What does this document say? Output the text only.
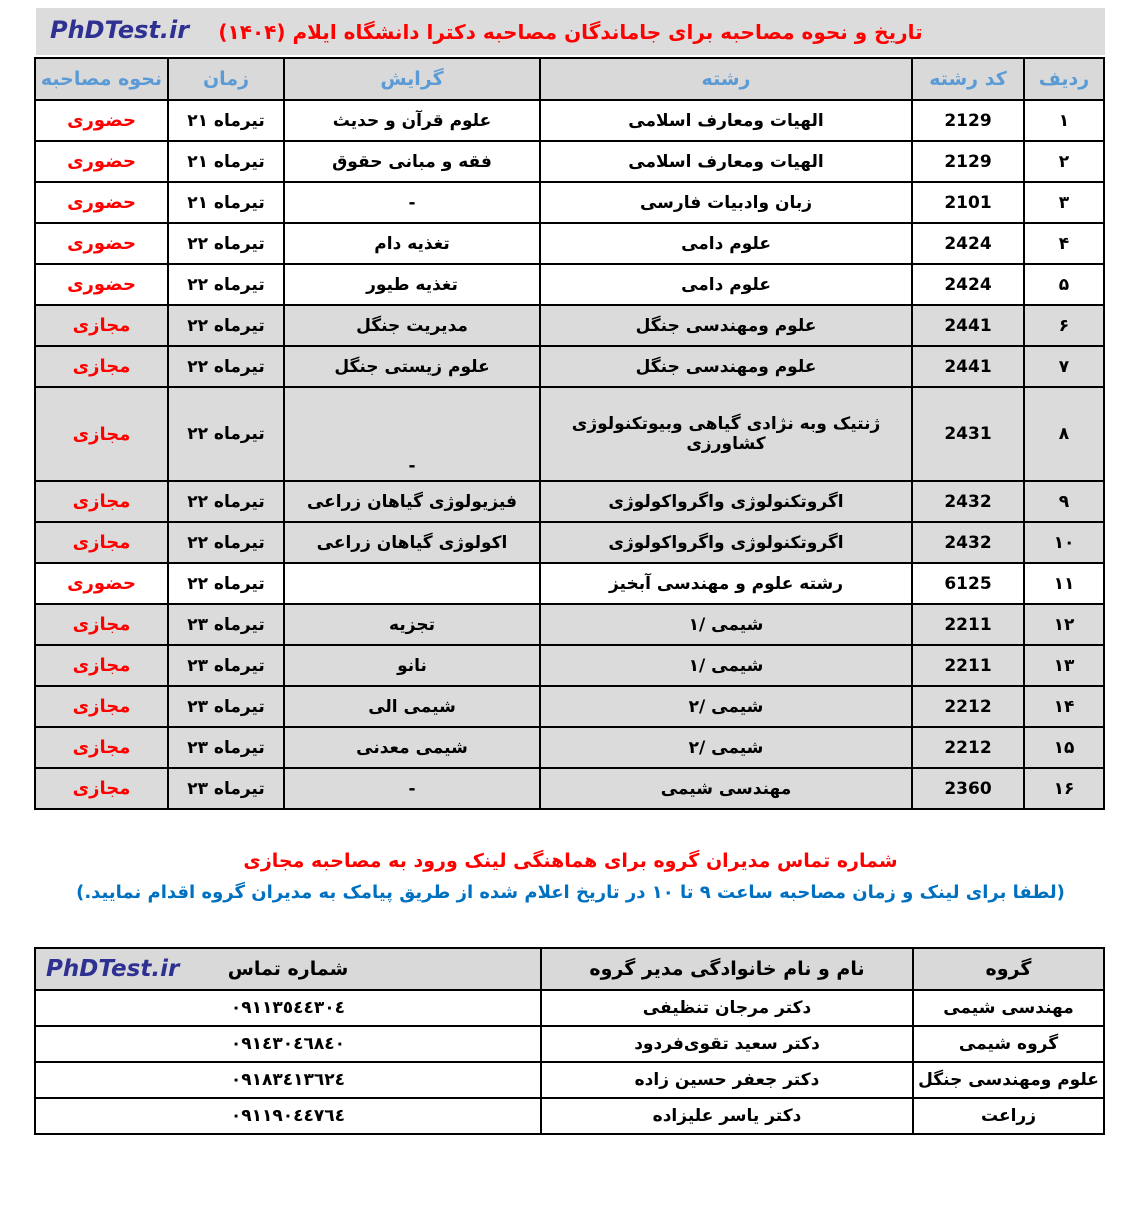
PhDTest.ir تاریخ و نحوه مصاحبه برای جاماندگان مصاحبه دکترا دانشگاه ایلام (۱۴۰۴)
ردیف	کد رشته	رشته	گرایش	زمان	نحوه مصاحبه
۱	2129	الهیات ومعارف اسلامی	علوم قرآن و حدیث	۲۱ تیرماه	حضوری
۲	2129	الهیات ومعارف اسلامی	فقه و مبانی حقوق	۲۱ تیرماه	حضوری
۳	2101	زبان وادبیات فارسی	-	۲۱ تیرماه	حضوری
۴	2424	علوم دامی	تغذیه دام	۲۲ تیرماه	حضوری
۵	2424	علوم دامی	تغذیه طیور	۲۲ تیرماه	حضوری
۶	2441	علوم ومهندسی جنگل	مدیریت جنگل	۲۲ تیرماه	مجازی
۷	2441	علوم ومهندسی جنگل	علوم زیستی جنگل	۲۲ تیرماه	مجازی
۸	2431	ژنتیک وبه نژادی گیاهی وبیوتکنولوژی کشاورزی	-	۲۲ تیرماه	مجازی
۹	2432	اگروتکنولوژی واگرواکولوژی	فیزیولوژی گیاهان زراعی	۲۲ تیرماه	مجازی
۱۰	2432	اگروتکنولوژی واگرواکولوژی	اکولوژی گیاهان زراعی	۲۲ تیرماه	مجازی
۱۱	6125	رشته علوم و مهندسی آبخیز		۲۲ تیرماه	حضوری
۱۲	2211	شیمی /۱	تجزیه	۲۳ تیرماه	مجازی
۱۳	2211	شیمی /۱	نانو	۲۳ تیرماه	مجازی
۱۴	2212	شیمی /۲	شیمی الی	۲۳ تیرماه	مجازی
۱۵	2212	شیمی /۲	شیمی معدنی	۲۳ تیرماه	مجازی
۱۶	2360	مهندسی شیمی	-	۲۳ تیرماه	مجازی
شماره تماس مدیران گروه برای هماهنگی لینک ورود به مصاحبه مجازی
(لطفا برای لینک و زمان مصاحبه ساعت ۹ تا ۱۰ در تاریخ اعلام شده از طریق پیامک به مدیران گروه اقدام نمایید.)
گروه	نام و نام خانوادگی مدیر گروه	شماره تماس
PhDTest.ir

مهندسی شیمی	دکتر مرجان تنظیفی	٠٩١١٣٥٤٤٣٠٤
گروه شیمی	دکتر سعید تقوی‌فردود	٠٩١٤٣٠٤٦٨٤٠
علوم ومهندسی جنگل	دکتر جعفر حسین زاده	٠٩١٨٣٤١٣٦٢٤
زراعت	دکتر یاسر علیزاده	٠٩١١٩٠٤٤٧٦٤
